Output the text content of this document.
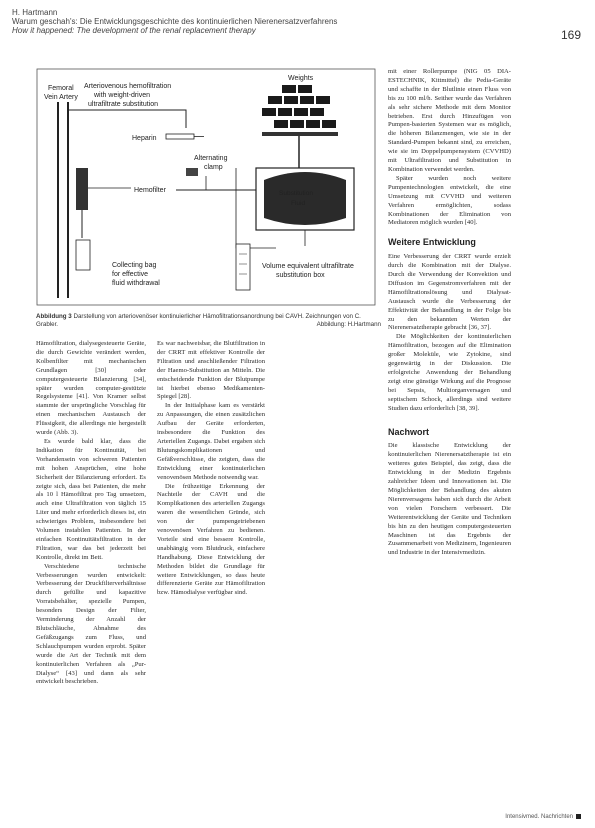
H. Hartmann
Warum geschah's: Die Entwicklungsgeschichte des kontinuierlichen Nierenersatzverfahrens
How it happened: The development of the renal replacement therapy	169
Weights
Substitution
Fluid
Femoral
Vein Artery
Arteriovenous hemofiltration
with weight-driven
ultrafiltrate substitution
Heparin
Alternating
clamp
Hemofilter
Collecting bag
for effective
fluid withdrawal
Volume equivalent ultrafiltrate
substitution box
Abbildung 3 Darstellung von arteriovenöser kontinuierlicher Hämofiltrationsanordnung bei CAVH. Zeichnungen von C. Grabler.	Abbildung: H.Hartmann

Hämofiltration, dialysegesteuerte Geräte, die durch Gewichte verändert werden, Kolbenfilter mit mechanischen Grundlagen [30] oder computergesteuerte Bilanzierung [34], später wurden computer-gestützte Regelsysteme [41]. Von Kramer selbst stammte der ursprüngliche Vorschlag für einen mechanischen Austausch der Flüssigkeit, die allerdings nie hergestellt wurde (Abb. 3).

Es wurde bald klar, dass die Indikation für Kontinuität, bei Vorhandensein von schweren Patienten mit hohen Ansprüchen, eine hohe Sicherheit der Bilanzierung erfordert. Es zeigte sich, dass bei Patienten, die mehr als 10 l Hämofiltrat pro Tag umsetzen, auch eine Ultrafiltration von täglich 15 Liter und mehr erforderlich dieses ist, ein schwieriges Problem, insbesondere bei Volumen instabilen Patienten. In der einfachen Kontinuitätsfiltration in der Filtration, war das bei jederzeit bei Kontrolle, direkt im Bett.

Verschiedene technische Verbesserungen wurden entwickelt: Verbesserung der Druckfilterverhältnisse durch gefüllte und kapazitive Vorratsbehälter, spezielle Pumpen, besonders Design der Filter, Verminderung der Anzahl der Blutschläuche, Abnahme des Gefäßzugangs zum Fluss, und Schlauchpumpen wurden erprobt. Später wurde die Art der Technik mit dem kontinuierlichen Verfahren als „Pur-Dialyse“ [43] und dann als sehr entwickelt beschrieben.

Es war nachweisbar, die Blutfiltration in der CRRT mit effektiver Kontrolle der Filtration und anschließender Filtration der Haemo-Substitution an Mitteln. Die entscheidende Funktion der Blutpumpe ist hierbei ebenso Medikamenten-Spiegel [28].

In der Initialphase kam es verstärkt zu Anpassungen, die einen zusätzlichen Aufbau der Geräte erforderten, insbesondere die Funktion des Arteriellen Zugangs. Dabei ergaben sich Blutungskomplikationen und Gefäßverschlüsse, die zeigten, dass die Entwicklung einer kontinuierlichen venovenösen Methode notwendig war.

Die frühzeitige Erkennung der Nachteile der CAVH und die Komplikationen des arteriellen Zugangs waren die wesentlichen Gründe, sich von der pumpengetriebenen venovenösen Verfahren zu bedienen. Vorteile sind eine bessere Kontrolle, unabhängig vom Blutdruck, einfachere Handhabung. Diese Entwicklung der Methoden bildet die Grundlage für weitere Entwicklungen, so dass heute differenzierte Geräte zur Hämofiltration bzw. Hämodialyse verfügbar sind.

mit einer Rollerpumpe (NIG 05 DIA-ESTECHNIK, Kittmittel) die Pedia-Geräte und schaffte in der Blutlinie einen Fluss von bis zu 100 ml/h. Seither wurde das Verfahren als sehr sichere Methode mit dem Monitor betrieben. Erst durch Hinzufügen von Pumpen-basierten Systemen war es möglich, die höheren Bilanzmengen, wie sie in der Standard-Pumpen bekannt sind, zu erreichen, wie sie im Doppelpumpensystem (CVVHD) mit Ultrafiltration und Substitution in Kombination verwendet werden.

Später wurden noch weitere Pumpentechnologien entwickelt, die eine Umsetzung mit CVVHD und weiteren Verfahren ermöglichten, sodass Kombinationen der Elimination von Mediatoren möglich wurden [40].

Weitere Entwicklung

Eine Verbesserung der CRRT wurde erzielt durch die Kombination mit der Dialyse. Durch die Verwendung der Konvektion und Diffusion im Gegenstromverfahren mit der Hämofiltrationslösung und Dialysat-Austausch wurde die Verbesserung der Effektivität der Behandlung in der Folge bis zu den bekannten Werten der Nierenersatztherapie gebracht [36, 37].

Die Möglichkeiten der kontinuierlichen Hämofiltration, bezogen auf die Elimination großer Moleküle, wie Zytokine, sind gegenwärtig in der Diskussion. Die erfolgreiche Anwendung der Behandlung zeigt eine günstige Wirkung auf die Prognose bei Sepsis, Multiorganversagen und septischem Schock, allerdings sind weitere Studien dazu erforderlich [38, 39].

Nachwort

Die klassische Entwicklung der kontinuierlichen Nierenersatztherapie ist ein weiteres gutes Beispiel, das zeigt, dass die Entwicklung in der Medizin Ergebnis zahlreicher Ideen und Innovationen ist. Die Möglichkeiten der Behandlung des akuten Nierenversagens haben sich durch die Arbeit von vielen Forschern verbessert. Die Weiterentwicklung der Geräte und Techniken bis hin zu den heutigen computergesteuerten Maschinen ist das Ergebnis der Zusammenarbeit von Medizinern, Ingenieuren und Industrie in der Intensivmedizin.

Intensivmed. Nachrichten
